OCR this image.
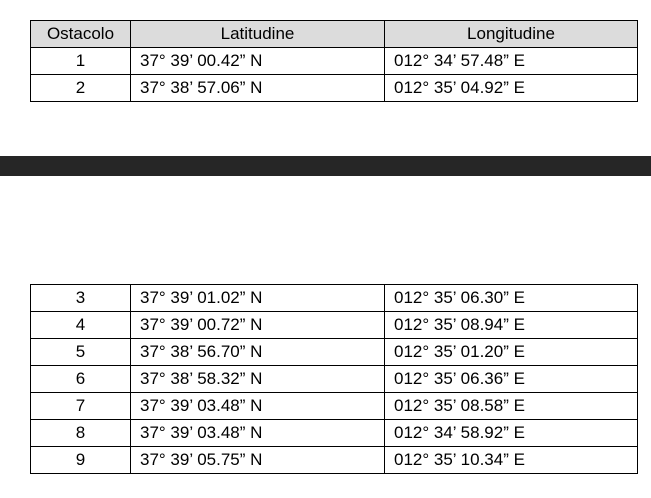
Ostacolo	Latitudine	Longitudine
1	37° 39’ 00.42” N	012° 34’ 57.48” E
2	37° 38’ 57.06” N	012° 35’ 04.92” E
3	37° 39’ 01.02” N	012° 35’ 06.30” E
4	37° 39’ 00.72” N	012° 35’ 08.94” E
5	37° 38’ 56.70” N	012° 35’ 01.20” E
6	37° 38’ 58.32” N	012° 35’ 06.36” E
7	37° 39’ 03.48” N	012° 35’ 08.58” E
8	37° 39’ 03.48” N	012° 34’ 58.92” E
9	37° 39’ 05.75” N	012° 35’ 10.34” E
